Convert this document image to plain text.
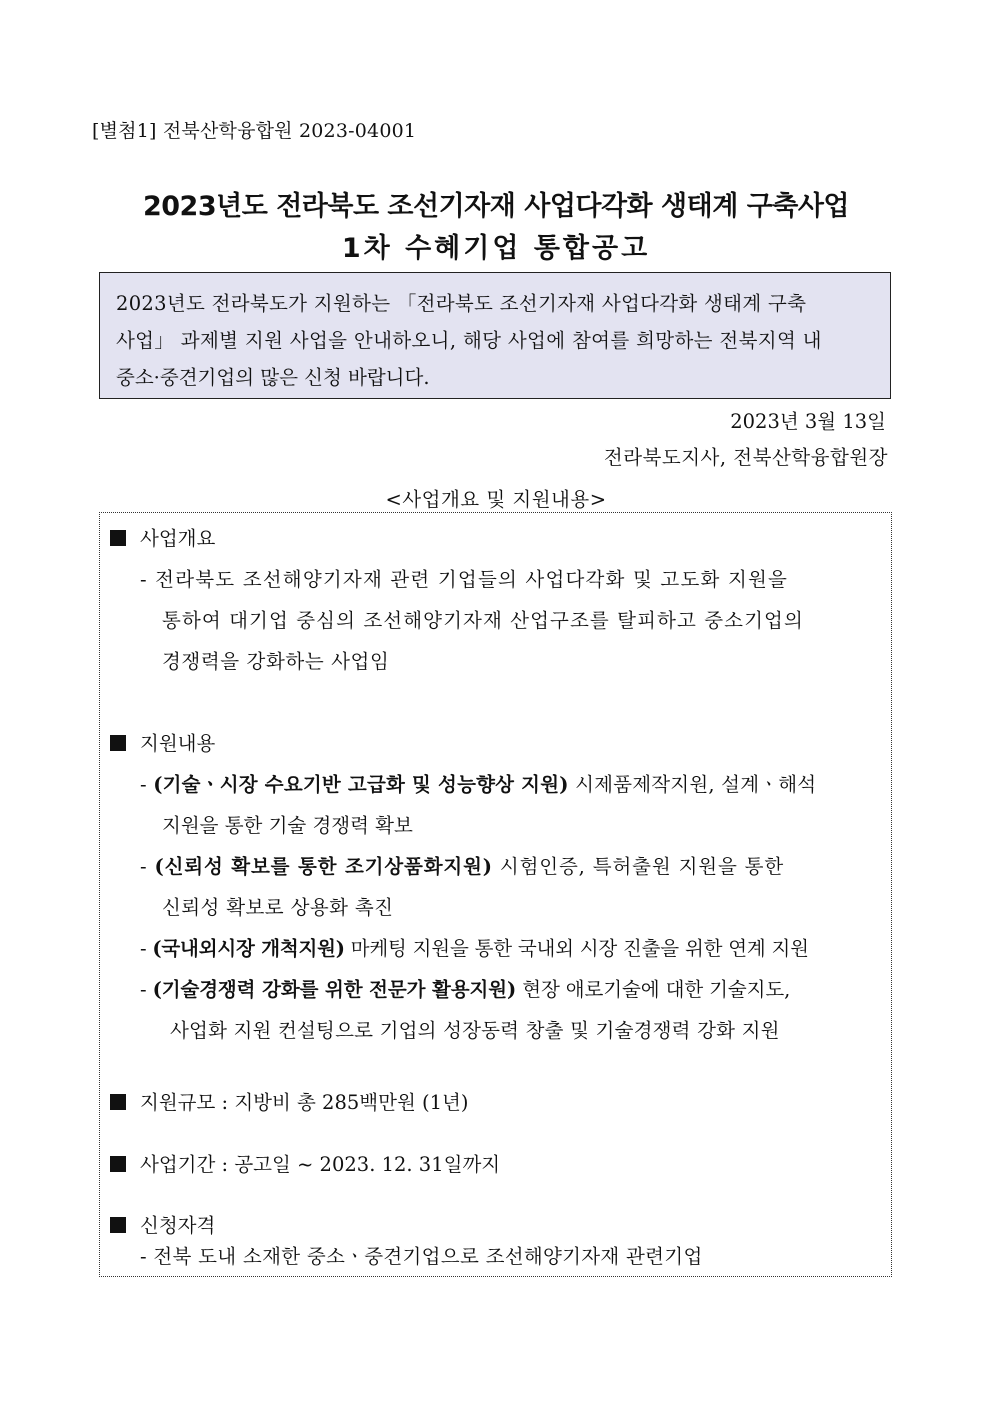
[별첨1] 전북산학융합원 2023-04001
2023년도 전라북도 조선기자재 사업다각화 생태계 구축사업
1차 수혜기업 통합공고
2023년도 전라북도가 지원하는 「전라북도 조선기자재 사업다각화 생태계 구축
사업」 과제별 지원 사업을 안내하오니, 해당 사업에 참여를 희망하는 전북지역 내
중소·중견기업의 많은 신청 바랍니다.
2023년 3월 13일
전라북도지사, 전북산학융합원장
<사업개요 및 지원내용>
사업개요
- 전라북도 조선해양기자재 관련 기업들의 사업다각화 및 고도화 지원을
통하여 대기업 중심의 조선해양기자재 산업구조를 탈피하고 중소기업의
경쟁력을 강화하는 사업임
지원내용
- (기술ㆍ시장 수요기반 고급화 및 성능향상 지원) 시제품제작지원, 설계ㆍ해석
지원을 통한 기술 경쟁력 확보
- (신뢰성 확보를 통한 조기상품화지원) 시험인증, 특허출원 지원을 통한
신뢰성 확보로 상용화 촉진
- (국내외시장 개척지원) 마케팅 지원을 통한 국내외 시장 진출을 위한 연계 지원
- (기술경쟁력 강화를 위한 전문가 활용지원) 현장 애로기술에 대한 기술지도,
사업화 지원 컨설팅으로 기업의 성장동력 창출 및 기술경쟁력 강화 지원
지원규모 : 지방비 총 285백만원 (1년)
사업기간 : 공고일 ~ 2023. 12. 31일까지
신청자격
- 전북 도내 소재한 중소ㆍ중견기업으로 조선해양기자재 관련기업
